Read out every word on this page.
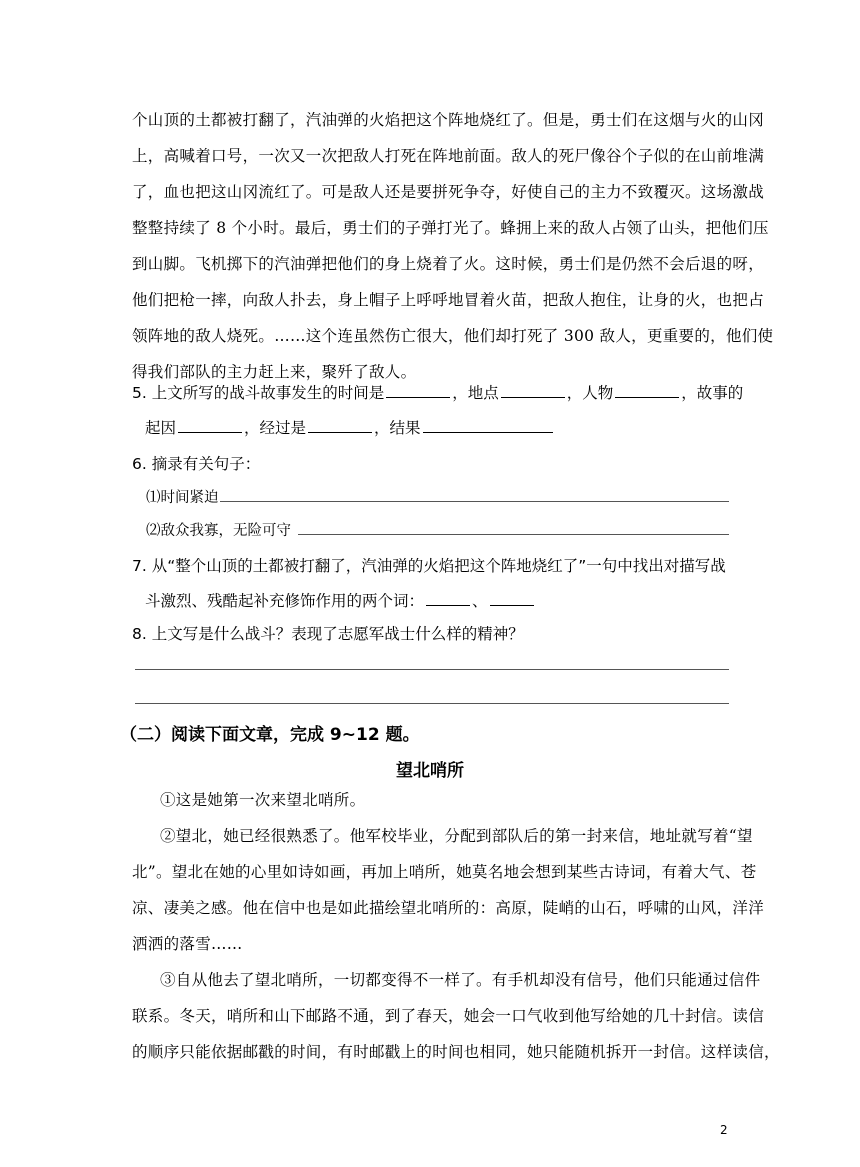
个山顶的土都被打翻了，汽油弹的火焰把这个阵地烧红了。但是，勇士们在这烟与火的山冈
上，高喊着口号，一次又一次把敌人打死在阵地前面。敌人的死尸像谷个子似的在山前堆满
了，血也把这山冈流红了。可是敌人还是要拼死争夺，好使自己的主力不致覆灭。这场激战
整整持续了 8 个小时。最后，勇士们的子弹打光了。蜂拥上来的敌人占领了山头，把他们压
到山脚。飞机掷下的汽油弹把他们的身上烧着了火。这时候，勇士们是仍然不会后退的呀，
他们把枪一摔，向敌人扑去，身上帽子上呼呼地冒着火苗，把敌人抱住，让身的火，也把占
领阵地的敌人烧死。……这个连虽然伤亡很大，他们却打死了 300 敌人，更重要的，他们使
得我们部队的主力赶上来，聚歼了敌人。
5. 上文所写的战斗故事发生的时间是	，地点	，人物	，故事的
起因	，经过是	，结果
6. 摘录有关句子：
⑴时间紧迫
⑵敌众我寡，无险可守
7. 从“整个山顶的土都被打翻了，汽油弹的火焰把这个阵地烧红了”一句中找出对描写战
斗激烈、残酷起补充修饰作用的两个词：	、
8. 上文写是什么战斗？表现了志愿军战士什么样的精神？
（二）阅读下面文章，完成 9~12 题。
望北哨所
①这是她第一次来望北哨所。
②望北，她已经很熟悉了。他军校毕业，分配到部队后的第一封来信，地址就写着“望
北”。望北在她的心里如诗如画，再加上哨所，她莫名地会想到某些古诗词，有着大气、苍
凉、凄美之感。他在信中也是如此描绘望北哨所的：高原，陡峭的山石，呼啸的山风，洋洋
洒洒的落雪……
③自从他去了望北哨所，一切都变得不一样了。有手机却没有信号，他们只能通过信件
联系。冬天，哨所和山下邮路不通，到了春天，她会一口气收到他写给她的几十封信。读信
的顺序只能依据邮戳的时间，有时邮戳上的时间也相同，她只能随机拆开一封信。这样读信，
2
